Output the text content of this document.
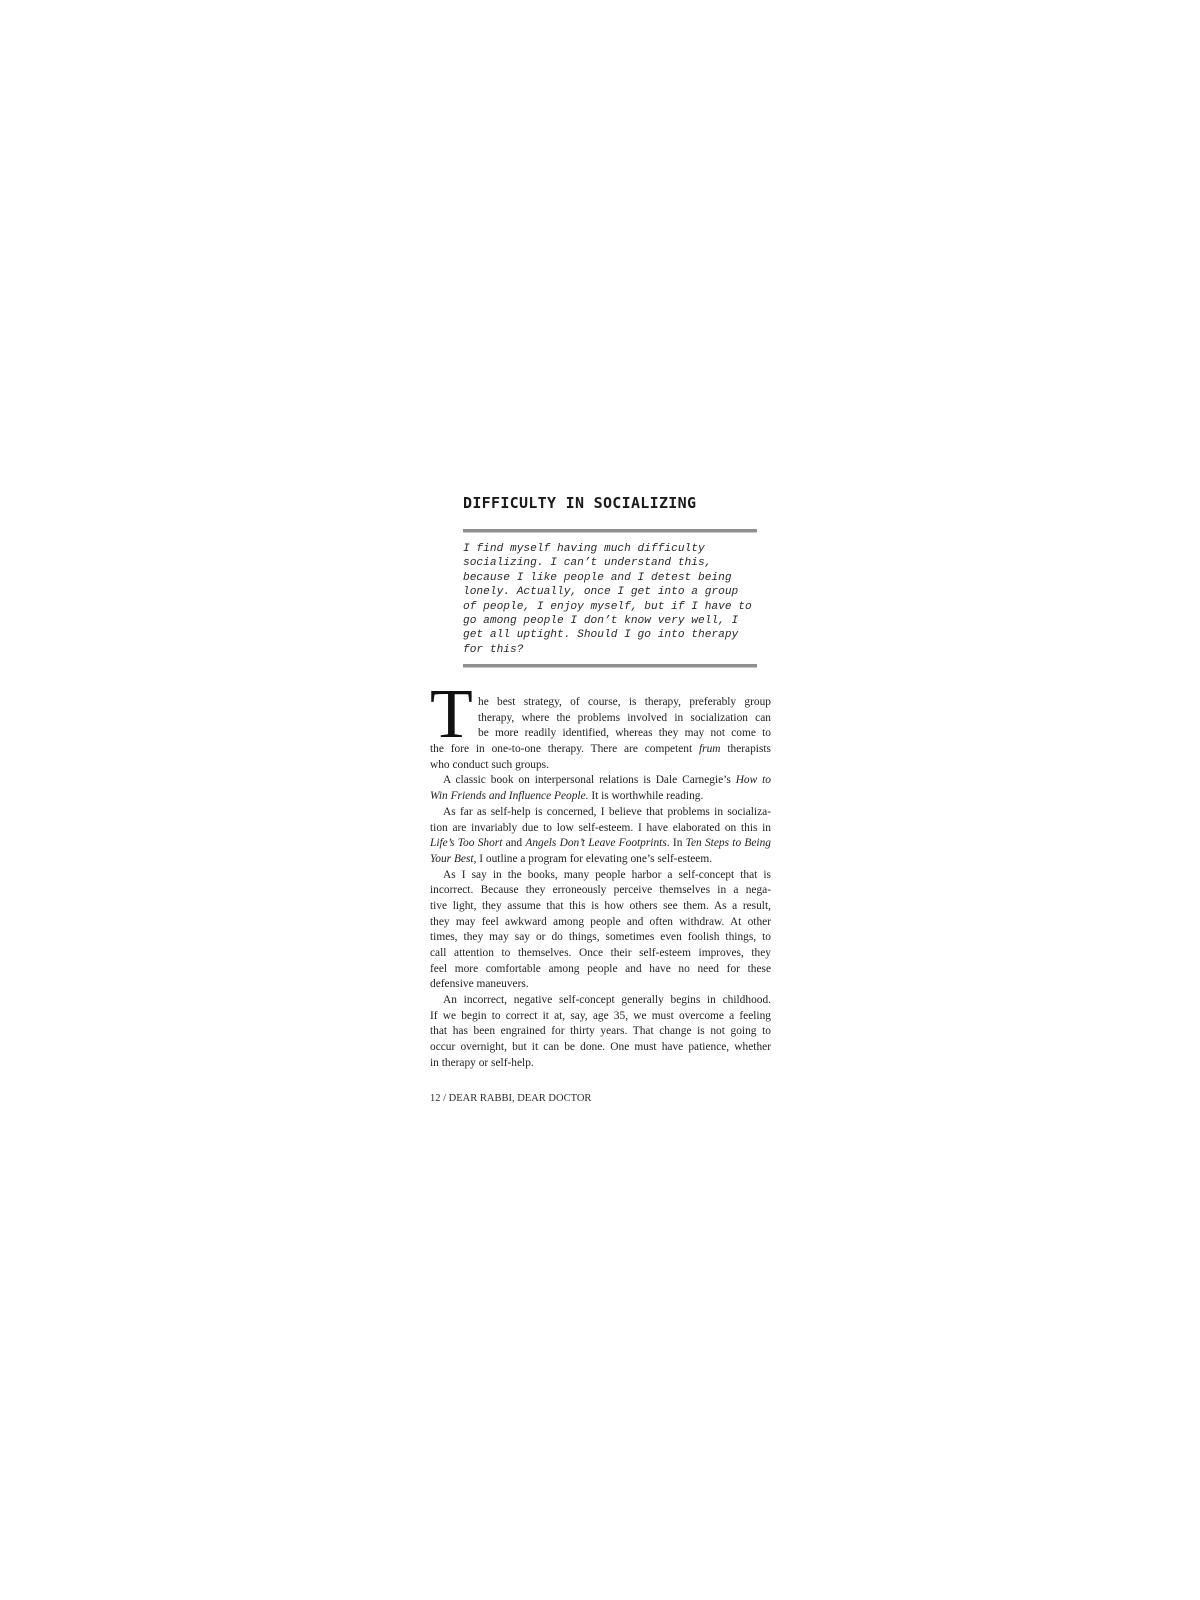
DIFFICULTY IN SOCIALIZING
I find myself having much difficulty
socializing. I can’t understand this,
because I like people and I detest being
lonely. Actually, once I get into a group
of people, I enjoy myself, but if I have to
go among people I don’t know very well, I
get all uptight. Should I go into therapy
for this?
T he best strategy, of course, is therapy, preferably group
therapy, where the problems involved in socialization can
be more readily identified, whereas they may not come to
the fore in one-to-one therapy. There are competent frum therapists
who conduct such groups.
A classic book on interpersonal relations is Dale Carnegie’s How to
Win Friends and Influence People. It is worthwhile reading.
As far as self-help is concerned, I believe that problems in socializa-
tion are invariably due to low self-esteem. I have elaborated on this in
Life’s Too Short and Angels Don’t Leave Footprints. In Ten Steps to Being
Your Best, I outline a program for elevating one’s self-esteem.
As I say in the books, many people harbor a self-concept that is
incorrect. Because they erroneously perceive themselves in a nega-
tive light, they assume that this is how others see them. As a result,
they may feel awkward among people and often withdraw. At other
times, they may say or do things, sometimes even foolish things, to
call attention to themselves. Once their self-esteem improves, they
feel more comfortable among people and have no need for these
defensive maneuvers.
An incorrect, negative self-concept generally begins in childhood.
If we begin to correct it at, say, age 35, we must overcome a feeling
that has been engrained for thirty years. That change is not going to
occur overnight, but it can be done. One must have patience, whether
in therapy or self-help.
12 / DEAR RABBI, DEAR DOCTOR
